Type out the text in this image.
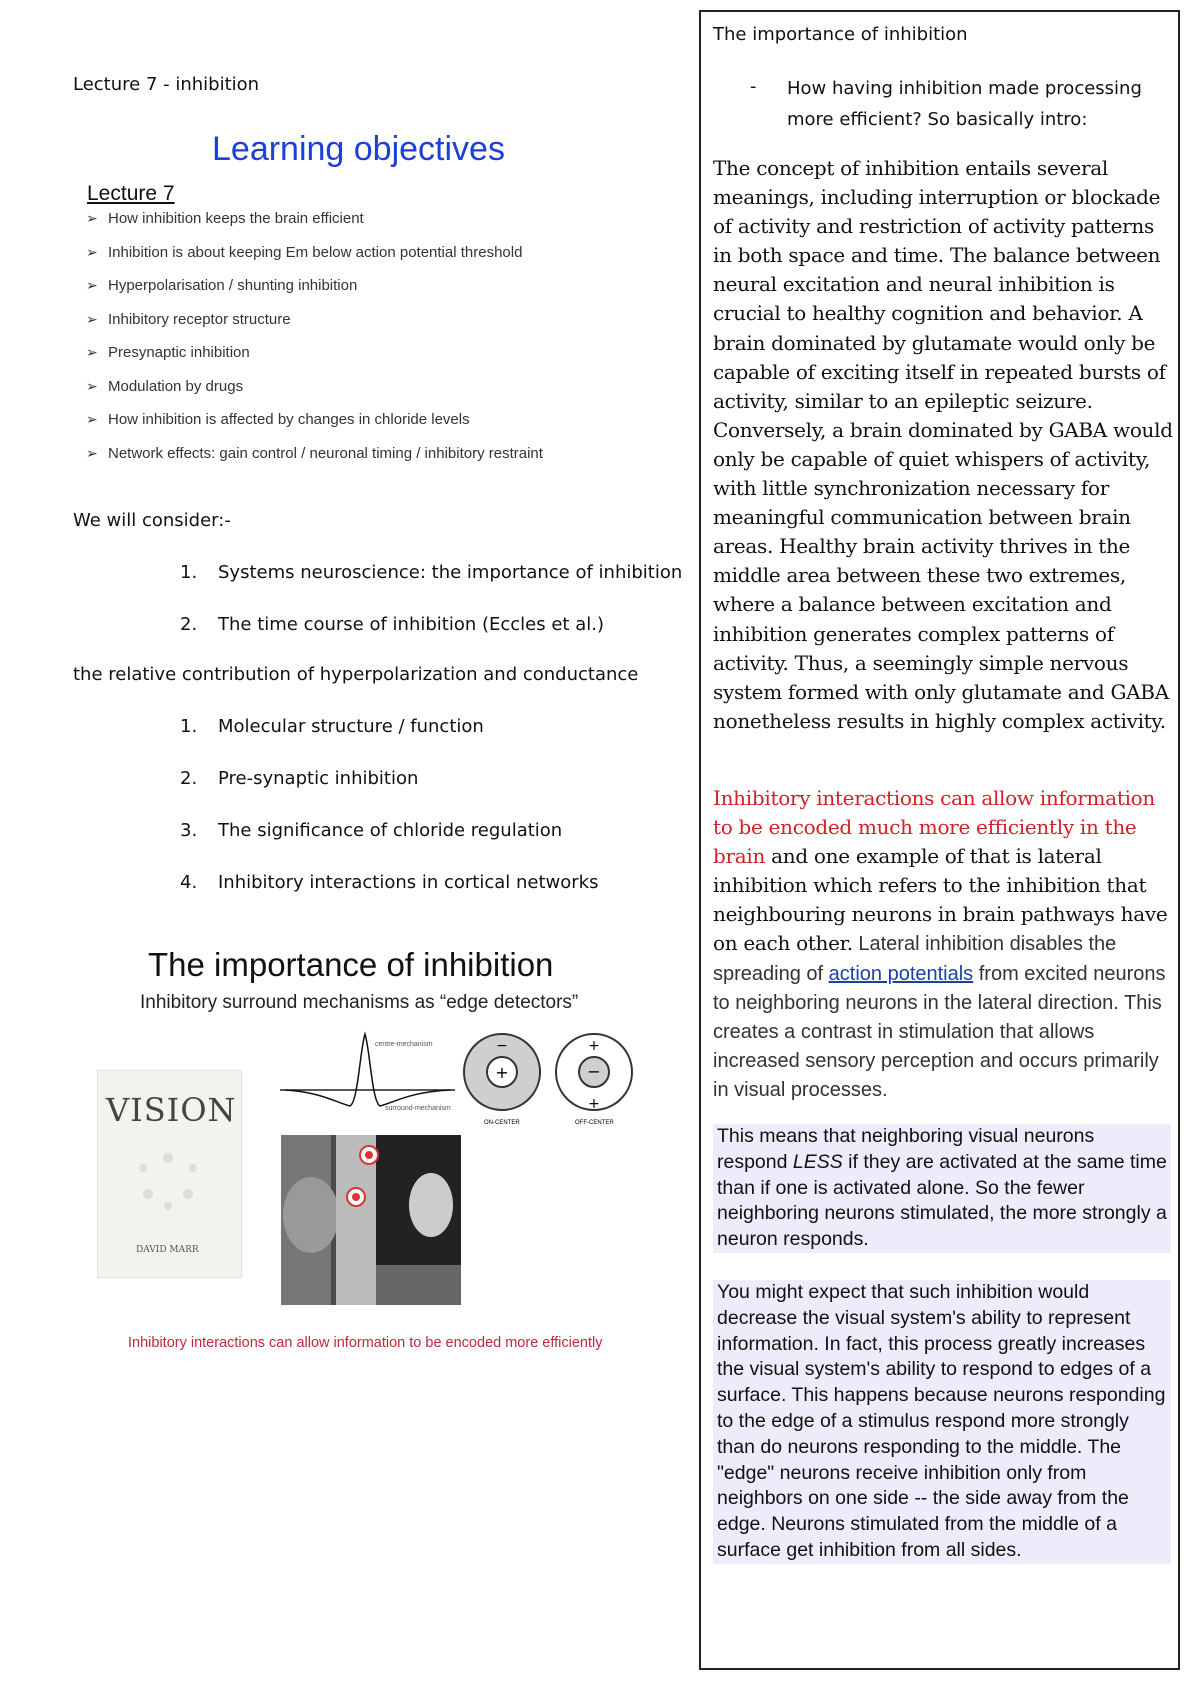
Lecture 7 - inhibition
Learning objectives
Lecture 7
➢ How inhibition keeps the brain efficient
➢ Inhibition is about keeping Em below action potential threshold
➢ Hyperpolarisation / shunting inhibition
➢ Inhibitory receptor structure
➢ Presynaptic inhibition
➢ Modulation by drugs
➢ How inhibition is affected by changes in chloride levels
➢ Network effects: gain control / neuronal timing / inhibitory restraint
We will consider:-
1.	Systems neuroscience: the importance of inhibition
2.	The time course of inhibition (Eccles et al.)
the relative contribution of hyperpolarization and conductance
1.	Molecular structure / function
2.	Pre-synaptic inhibition
3.	The significance of chloride regulation
4.	Inhibitory interactions in cortical networks
The importance of inhibition
Inhibitory surround mechanisms as “edge detectors”
VISION
DAVID MARR
centre-mechanism
surround-mechanism
+
−
ON-CENTER
−
+
+
OFF-CENTER
Inhibitory interactions can allow information to be encoded more efficiently
The importance of inhibition
- How having inhibition made processing more efficient? So basically intro:
The concept of inhibition entails several meanings, including interruption or blockade of activity and restriction of activity patterns in both space and time. The balance between neural excitation and neural inhibition is crucial to healthy cognition and behavior. A brain dominated by glutamate would only be capable of exciting itself in repeated bursts of activity, similar to an epileptic seizure. Conversely, a brain dominated by GABA would only be capable of quiet whispers of activity, with little synchronization necessary for meaningful communication between brain areas. Healthy brain activity thrives in the middle area between these two extremes, where a balance between excitation and inhibition generates complex patterns of activity. Thus, a seemingly simple nervous system formed with only glutamate and GABA nonetheless results in highly complex activity.
Inhibitory interactions can allow information to be encoded much more efficiently in the brain and one example of that is lateral inhibition which refers to the inhibition that neighbouring neurons in brain pathways have on each other. Lateral inhibition disables the spreading of action potentials from excited neurons to neighboring neurons in the lateral direction. This creates a contrast in stimulation that allows increased sensory perception and occurs primarily in visual processes.
This means that neighboring visual neurons respond LESS if they are activated at the same time than if one is activated alone. So the fewer neighboring neurons stimulated, the more strongly a neuron responds.
You might expect that such inhibition would decrease the visual system's ability to represent information. In fact, this process greatly increases the visual system's ability to respond to edges of a surface. This happens because neurons responding to the edge of a stimulus respond more strongly than do neurons responding to the middle. The "edge" neurons receive inhibition only from neighbors on one side -- the side away from the edge. Neurons stimulated from the middle of a surface get inhibition from all sides.
